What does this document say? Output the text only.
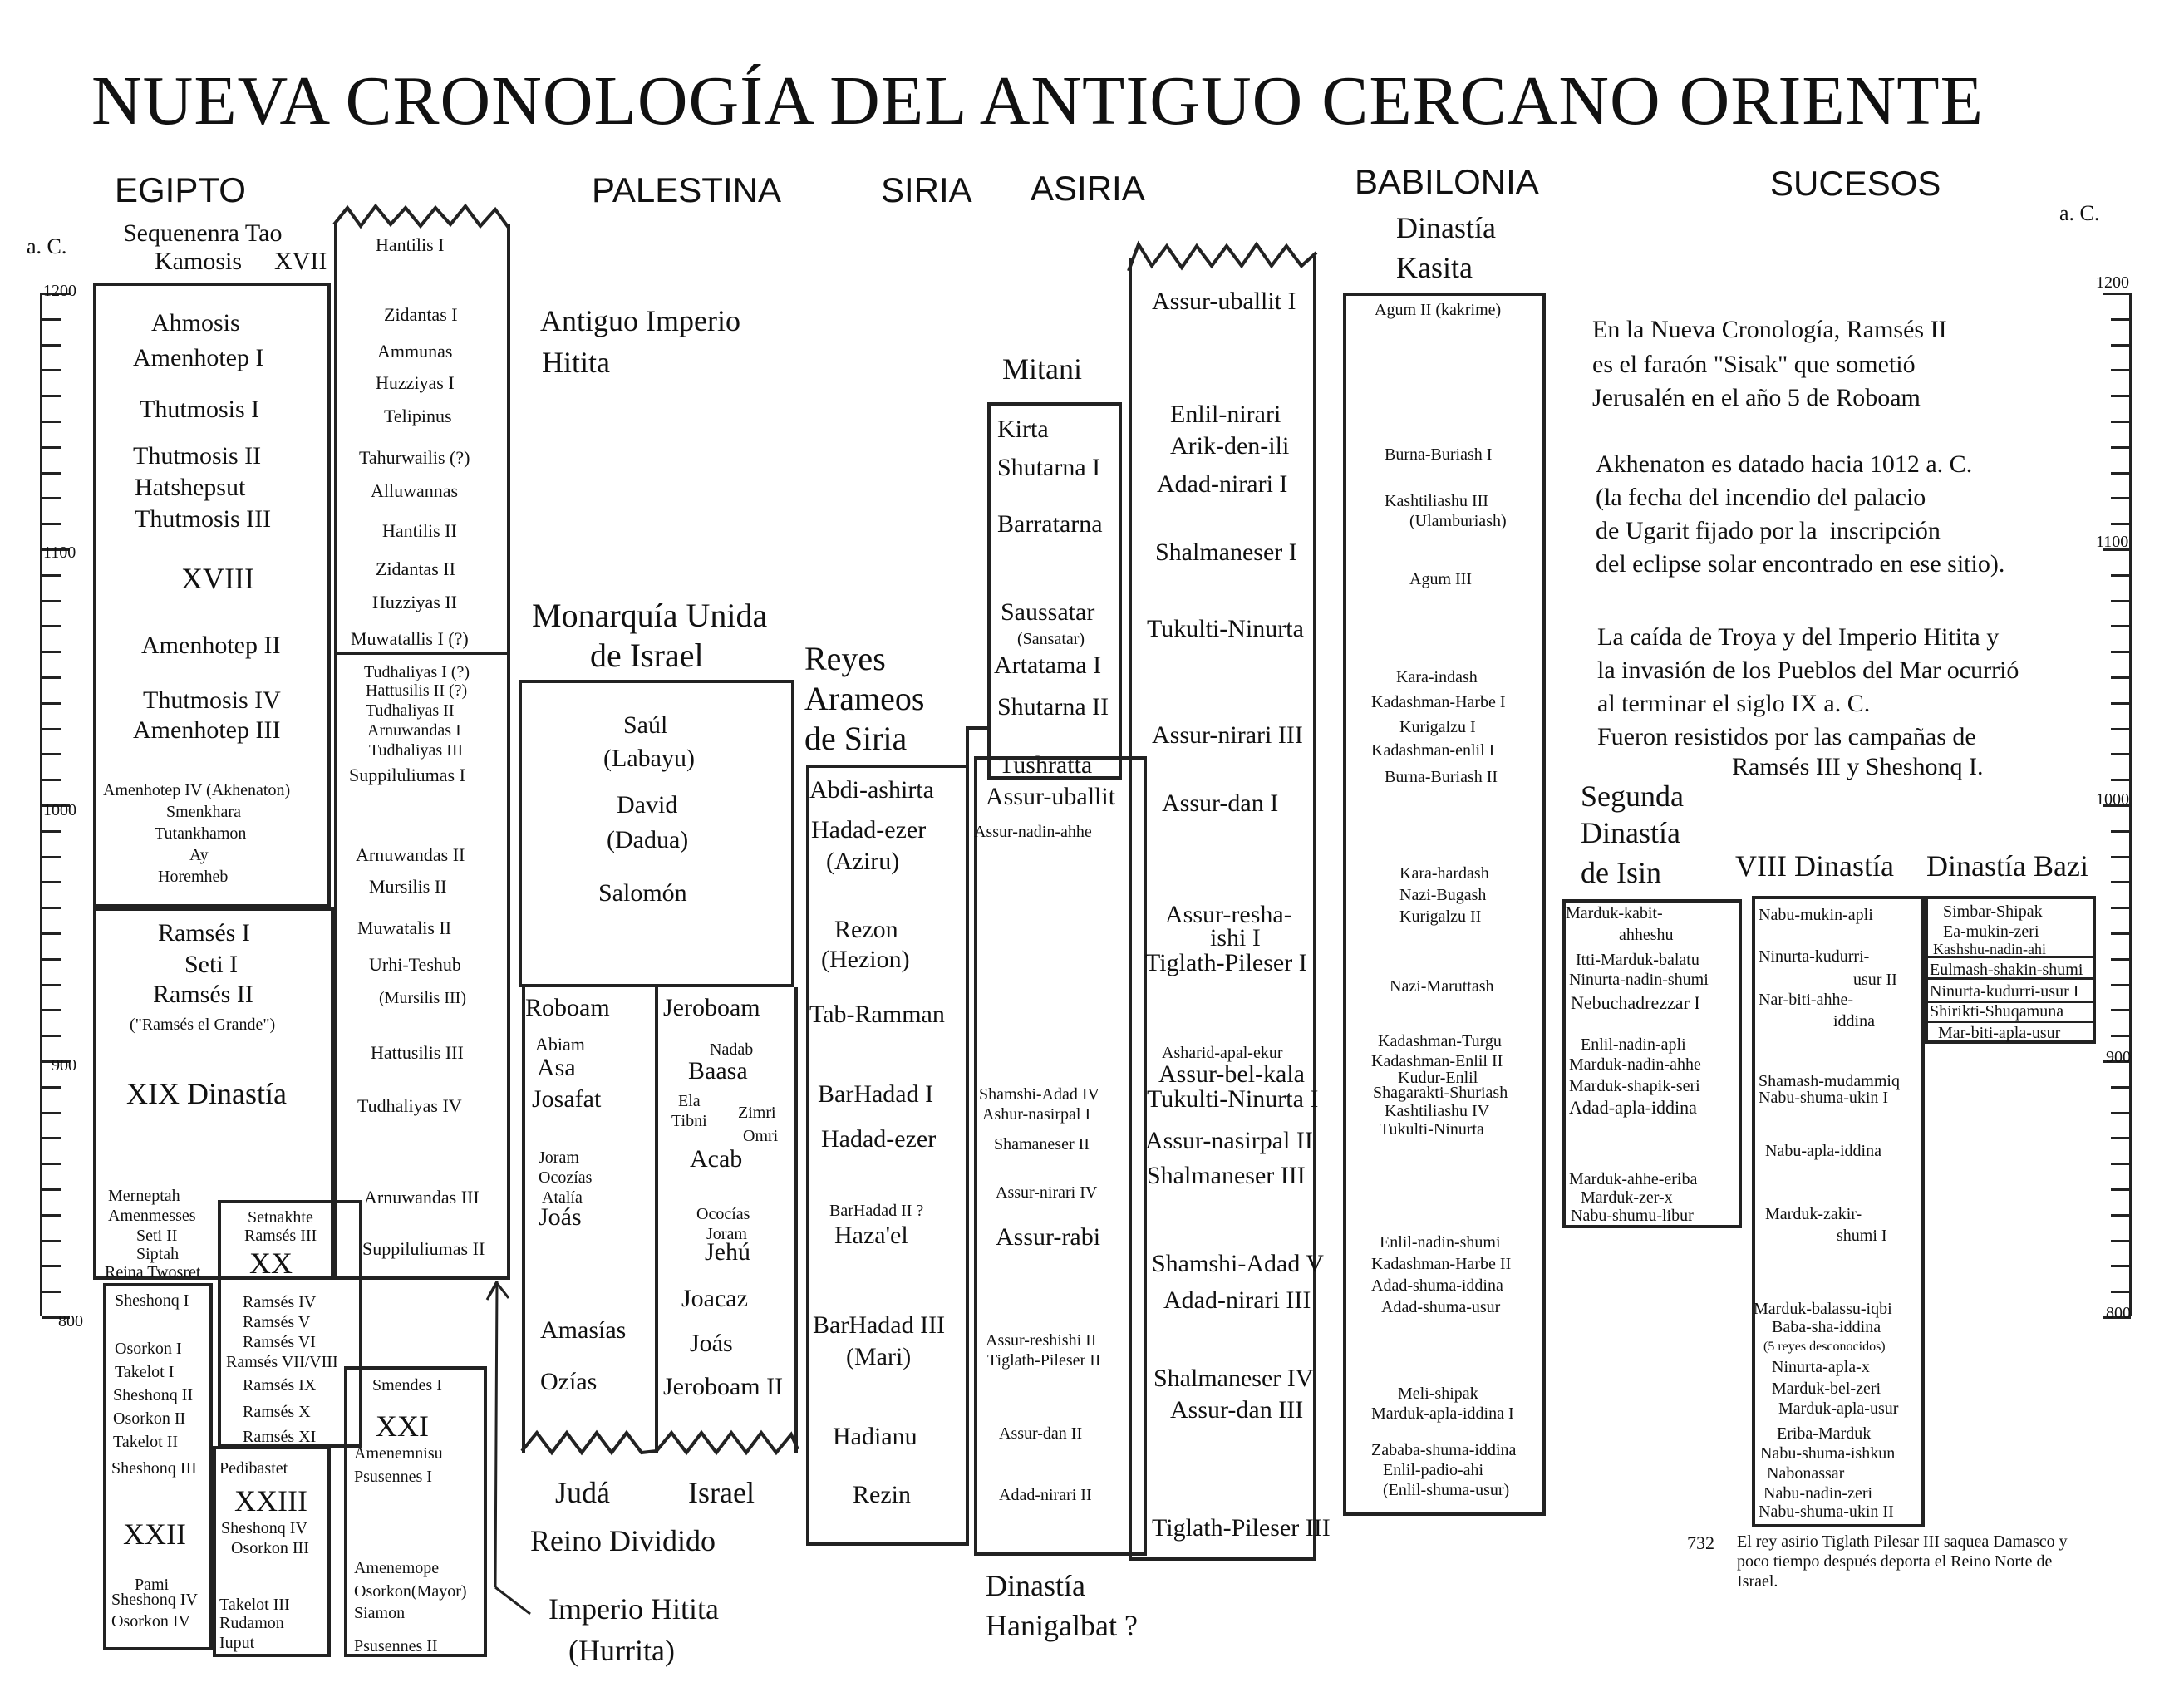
NUEVA CRONOLOGÍA DEL ANTIGUO CERCANO ORIENTE
EGIPTO	PALESTINA	SIRIA ASIRIA	BABILONIA	SUCESOS
a. C.
a. C.
1200
1100
1000
900
800
1200
1100
1000
900
800
Sequenenra Tao
Kamosis XVII
Ahmosis
Amenhotep I
Thutmosis I
Thutmosis II
Hatshepsut
Thutmosis III
XVIII
Amenhotep II
Thutmosis IV
Amenhotep III
Amenhotep IV (Akhenaton)
Smenkhara
Tutankhamon
Ay
Horemheb
Ramsés I
Seti I
Ramsés II
("Ramsés el Grande")
XIX Dinastía
Merneptah
Amenmesses
Seti II
Siptah
Reina Twosret
Setnakhte
Ramsés III
XX
Ramsés IV
Ramsés V
Ramsés VI
Ramsés VII/VIII
Ramsés IX
Ramsés X
Ramsés XI
Smendes I
XXI
Amenemnisu
Psusennes I
Amenemope
Osorkon(Mayor)
Siamon
Psusennes II
Sheshonq I
Osorkon I
Takelot I
Sheshonq II
Osorkon II
Takelot II
Sheshonq III
XXII
Pami
Sheshonq IV
Osorkon IV
Pedibastet
XXIII
Sheshonq IV
Osorkon III
Takelot III
Rudamon
Iuput
Hantilis I
Zidantas I
Ammunas
Huzziyas I
Telipinus
Tahurwailis (?)
Alluwannas
Hantilis II
Zidantas II
Huzziyas II
Muwatallis I (?)
Tudhaliyas I (?)
Hattusilis II (?)
Tudhaliyas II
Arnuwandas I
Tudhaliyas III
Suppiluliumas I
Arnuwandas II
Mursilis II
Muwatalis II
Urhi-Teshub
(Mursilis III)
Hattusilis III
Tudhaliyas IV
Arnuwandas III
Suppiluliumas II
Antiguo Imperio
Hitita
Imperio Hitita
(Hurrita)
Monarquía Unida
de Israel
Saúl
(Labayu)
David
(Dadua)
Salomón
Roboam
Abiam
Asa
Josafat
Joram
Ocozías
Atalía
Joás
Amasías
Ozías
Jeroboam
Nadab
Baasa
Ela
Tibni Zimri
Omri
Acab
Ococías
Joram
Jehú
Joacaz
Joás
Jeroboam II
Judá	Israel
Reino Dividido
Reyes
Arameos
de Siria
Abdi-ashirta
Hadad-ezer
(Aziru)
Rezon
(Hezion)
Tab-Ramman
BarHadad I
Hadad-ezer
BarHadad II ?
Haza'el
BarHadad III
(Mari)
Hadianu
Rezin
Mitani
Kirta
Shutarna I
Barratarna
Saussatar
(Sansatar)
Artatama I
Shutarna II
Tushratta
Assur-uballit
Assur-nadin-ahhe
Shamshi-Adad IV
Ashur-nasirpal I
Shamaneser II
Assur-nirari IV
Assur-rabi
Assur-reshishi II
Tiglath-Pileser II
Assur-dan II
Adad-nirari II
Dinastía
Hanigalbat ?
Assur-uballit I
Enlil-nirari
Arik-den-ili
Adad-nirari I
Shalmaneser I
Tukulti-Ninurta
Assur-nirari III
Assur-dan I
Assur-resha-
ishi I
Tiglath-Pileser I
Asharid-apal-ekur
Assur-bel-kala
Tukulti-Ninurta I
Assur-nasirpal II
Shalmaneser III
Shamshi-Adad V
Adad-nirari III
Shalmaneser IV
Assur-dan III
Tiglath-Pileser III
Dinastía
Kasita
Agum II (kakrime)
Burna-Buriash I
Kashtiliashu III
(Ulamburiash)
Agum III
Kara-indash
Kadashman-Harbe I
Kurigalzu I
Kadashman-enlil I
Burna-Buriash II
Kara-hardash
Nazi-Bugash
Kurigalzu II
Nazi-Maruttash
Kadashman-Turgu
Kadashman-Enlil II
Kudur-Enlil
Shagarakti-Shuriash
Kashtiliashu IV
Tukulti-Ninurta
Enlil-nadin-shumi
Kadashman-Harbe II
Adad-shuma-iddina
Adad-shuma-usur
Meli-shipak
Marduk-apla-iddina I
Zababa-shuma-iddina
Enlil-padio-ahi
(Enlil-shuma-usur)
Segunda
Dinastía
de Isin
Marduk-kabit-
ahheshu
Itti-Marduk-balatu
Ninurta-nadin-shumi
Nebuchadrezzar I
Enlil-nadin-apli
Marduk-nadin-ahhe
Marduk-shapik-seri
Adad-apla-iddina
Marduk-ahhe-eriba
Marduk-zer-x
Nabu-shumu-libur
VIII Dinastía
Nabu-mukin-apli
Ninurta-kudurri-
usur II
Nar-biti-ahhe-
iddina
Shamash-mudammiq
Nabu-shuma-ukin I
Nabu-apla-iddina
Marduk-zakir-
shumi I
Marduk-balassu-iqbi
Baba-sha-iddina
(5 reyes desconocidos)
Ninurta-apla-x
Marduk-bel-zeri
Marduk-apla-usur
Eriba-Marduk
Nabu-shuma-ishkun
Nabonassar
Nabu-nadin-zeri
Nabu-shuma-ukin II
Dinastía Bazi
Simbar-Shipak
Ea-mukin-zeri
Kashshu-nadin-ahi
Eulmash-shakin-shumi
Ninurta-kudurri-usur I
Shirikti-Shuqamuna
Mar-biti-apla-usur
En la Nueva Cronología, Ramsés II
es el faraón "Sisak" que sometió
Jerusalén en el año 5 de Roboam
Akhenaton es datado hacia 1012 a. C.
(la fecha del incendio del palacio
de Ugarit fijado por la  inscripción
del eclipse solar encontrado en ese sitio).
La caída de Troya y del Imperio Hitita y
la invasión de los Pueblos del Mar ocurrió
al terminar el siglo IX a. C.
Fueron resistidos por las campañas de
Ramsés III y Sheshonq I.
732 El rey asirio Tiglath Pilesar III saquea Damasco y
poco tiempo después deporta el Reino Norte de
Israel.
